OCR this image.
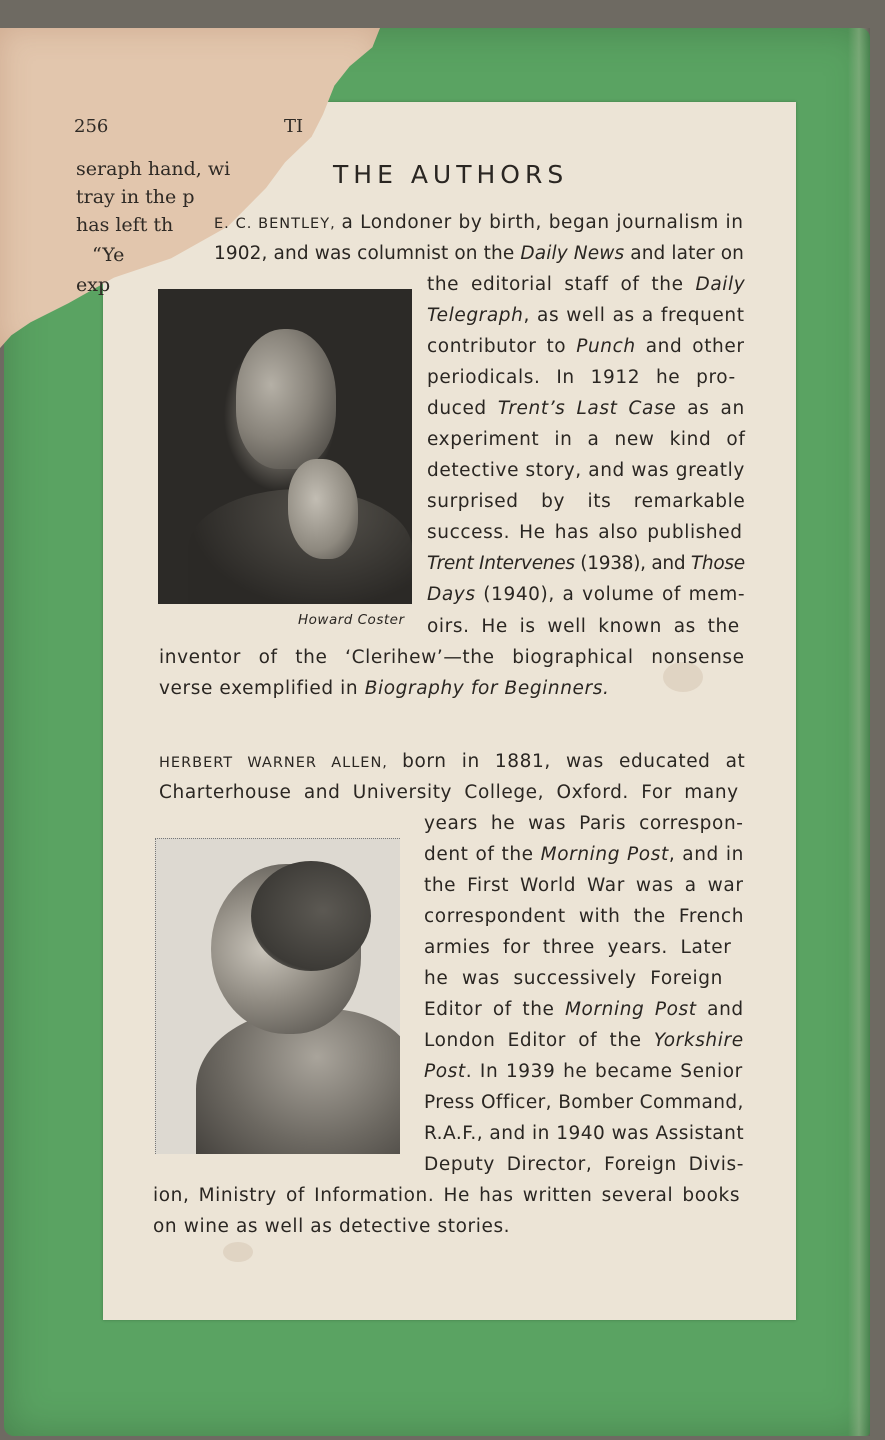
256	TI
seraph hand, wi
tray in the p
has left th
“Ye
exp
THE AUTHORS
Howard Coster
E. C. BENTLEY, a Londoner by birth, began journalism in
1902, and was columnist on the Daily News and later on
the editorial staff of the Daily
Telegraph, as well as a frequent
contributor to Punch and other
periodicals. In 1912 he pro-
duced Trent’s Last Case as an
experiment in a new kind of
detective story, and was greatly
surprised by its remarkable
success. He has also published
Trent Intervenes (1938), and Those
Days (1940), a volume of mem-
oirs. He is well known as the
inventor of the ‘Clerihew’—the biographical nonsense
verse exemplified in Biography for Beginners.
HERBERT WARNER ALLEN, born in 1881, was educated at
Charterhouse and University College, Oxford. For many
years he was Paris correspon-
dent of the Morning Post, and in
the First World War was a war
correspondent with the French
armies for three years. Later
he was successively Foreign
Editor of the Morning Post and
London Editor of the Yorkshire
Post. In 1939 he became Senior
Press Officer, Bomber Command,
R.A.F., and in 1940 was Assistant
Deputy Director, Foreign Divis-
ion, Ministry of Information. He has written several books
on wine as well as detective stories.
